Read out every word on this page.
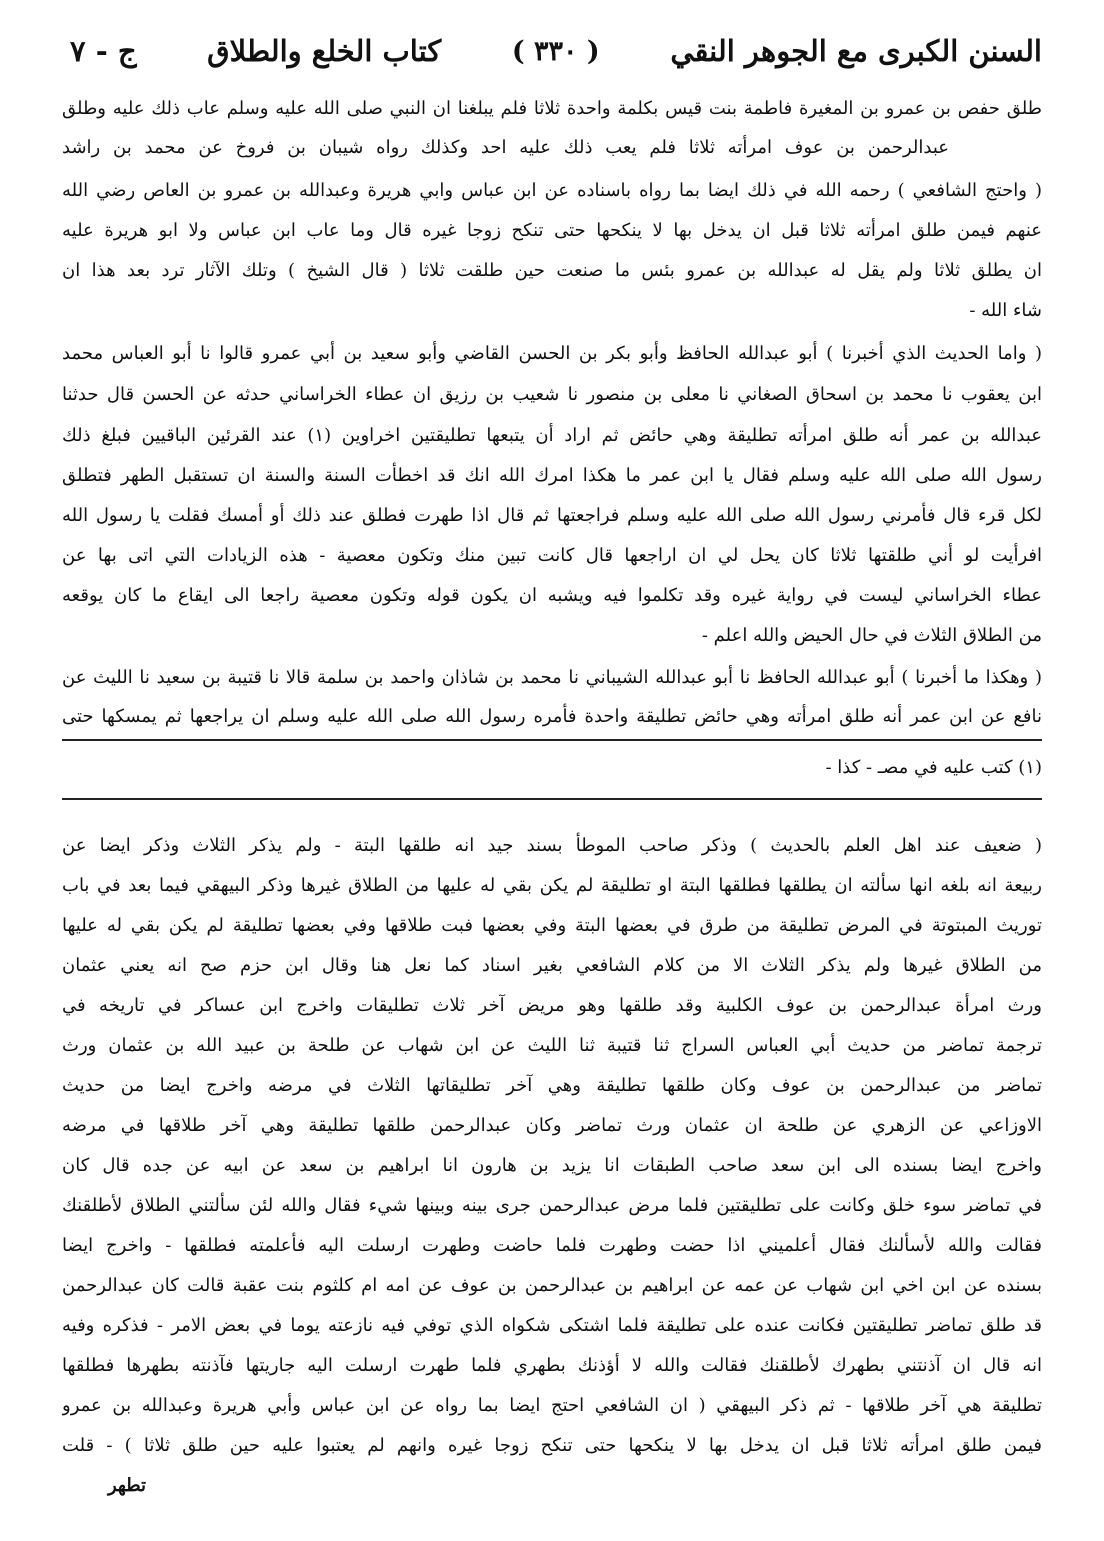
السنن الكبرى مع الجوهر النقي
( ٣٣٠ )
كتاب الخلع والطلاق
ج - ٧
طلق حفص بن عمرو بن المغيرة فاطمة بنت قيس بكلمة واحدة ثلاثا فلم يبلغنا ان النبي صلى الله عليه وسلم عاب ذلك عليه وطلق
عبدالرحمن بن عوف امرأته ثلاثا فلم يعب ذلك عليه احد وكذلك رواه شيبان بن فروخ عن محمد بن راشد
( واحتج الشافعي ) رحمه الله في ذلك ايضا بما رواه باسناده عن ابن عباس وابي هريرة وعبدالله بن عمرو بن العاص رضي الله
عنهم فيمن طلق امرأته ثلاثا قبل ان يدخل بها لا ينكحها حتى تنكح زوجا غيره قال وما عاب ابن عباس ولا ابو هريرة عليه
ان يطلق ثلاثا ولم يقل له عبدالله بن عمرو بئس ما صنعت حين طلقت ثلاثا ( قال الشيخ ) وتلك الآثار ترد بعد هذا ان
شاء الله -
( واما الحديث الذي أخبرنا ) أبو عبدالله الحافظ وأبو بكر بن الحسن القاضي وأبو سعيد بن أبي عمرو قالوا نا أبو العباس محمد
ابن يعقوب نا محمد بن اسحاق الصغاني نا معلى بن منصور نا شعيب بن رزيق ان عطاء الخراساني حدثه عن الحسن قال حدثنا
عبدالله بن عمر أنه طلق امرأته تطليقة وهي حائض ثم اراد أن يتبعها تطليقتين اخراوين (١) عند القرئين الباقيين فبلغ ذلك
رسول الله صلى الله عليه وسلم فقال يا ابن عمر ما هكذا امرك الله انك قد اخطأت السنة والسنة ان تستقبل الطهر فتطلق
لكل قرء قال فأمرني رسول الله صلى الله عليه وسلم فراجعتها ثم قال اذا طهرت فطلق عند ذلك أو أمسك فقلت يا رسول الله
افرأيت لو أني طلقتها ثلاثا كان يحل لي ان اراجعها قال كانت تبين منك وتكون معصية - هذه الزيادات التي اتى بها عن
عطاء الخراساني ليست في رواية غيره وقد تكلموا فيه ويشبه ان يكون قوله وتكون معصية راجعا الى ايقاع ما كان يوقعه
من الطلاق الثلاث في حال الحيض والله اعلم -
( وهكذا ما أخبرنا ) أبو عبدالله الحافظ نا أبو عبدالله الشيباني نا محمد بن شاذان واحمد بن سلمة قالا نا قتيبة بن سعيد نا الليث عن
نافع عن ابن عمر أنه طلق امرأته وهي حائض تطليقة واحدة فأمره رسول الله صلى الله عليه وسلم ان يراجعها ثم يمسكها حتى
(١) كتب عليه في مصـ - كذا -
( ضعيف عند اهل العلم بالحديث ) وذكر صاحب الموطأ بسند جيد انه طلقها البتة - ولم يذكر الثلاث وذكر ايضا عن
ربيعة انه بلغه انها سألته ان يطلقها فطلقها البتة او تطليقة لم يكن بقي له عليها من الطلاق غيرها وذكر البيهقي فيما بعد في باب
توريث المبتوتة في المرض تطليقة من طرق في بعضها البتة وفي بعضها فبت طلاقها وفي بعضها تطليقة لم يكن بقي له عليها
من الطلاق غيرها ولم يذكر الثلاث الا من كلام الشافعي بغير اسناد كما نعل هنا وقال ابن حزم صح انه يعني عثمان
ورث امرأة عبدالرحمن بن عوف الكلبية وقد طلقها وهو مريض آخر ثلاث تطليقات واخرج ابن عساكر في تاريخه في
ترجمة تماضر من حديث أبي العباس السراج ثنا قتيبة ثنا الليث عن ابن شهاب عن طلحة بن عبيد الله بن عثمان ورث
تماضر من عبدالرحمن بن عوف وكان طلقها تطليقة وهي آخر تطليقاتها الثلاث في مرضه واخرج ايضا من حديث
الاوزاعي عن الزهري عن طلحة ان عثمان ورث تماضر وكان عبدالرحمن طلقها تطليقة وهي آخر طلاقها في مرضه
واخرج ايضا بسنده الى ابن سعد صاحب الطبقات انا يزيد بن هارون انا ابراهيم بن سعد عن ابيه عن جده قال كان
في تماضر سوء خلق وكانت على تطليقتين فلما مرض عبدالرحمن جرى بينه وبينها شيء فقال والله لئن سألتني الطلاق لأطلقنك
فقالت والله لأسألنك فقال أعلميني اذا حضت وطهرت فلما حاضت وطهرت ارسلت اليه فأعلمته فطلقها - واخرج ايضا
بسنده عن ابن اخي ابن شهاب عن عمه عن ابراهيم بن عبدالرحمن بن عوف عن امه ام كلثوم بنت عقبة قالت كان عبدالرحمن
قد طلق تماضر تطليقتين فكانت عنده على تطليقة فلما اشتكى شكواه الذي توفي فيه نازعته يوما في بعض الامر - فذكره وفيه
انه قال ان آذنتني بطهرك لأطلقنك فقالت والله لا أؤذنك بطهري فلما طهرت ارسلت اليه جاريتها فآذنته بطهرها فطلقها
تطليقة هي آخر طلاقها - ثم ذكر البيهقي ( ان الشافعي احتج ايضا بما رواه عن ابن عباس وأبي هريرة وعبدالله بن عمرو
فيمن طلق امرأته ثلاثا قبل ان يدخل بها لا ينكحها حتى تنكح زوجا غيره وانهم لم يعتبوا عليه حين طلق ثلاثا ) - قلت
تطهر
